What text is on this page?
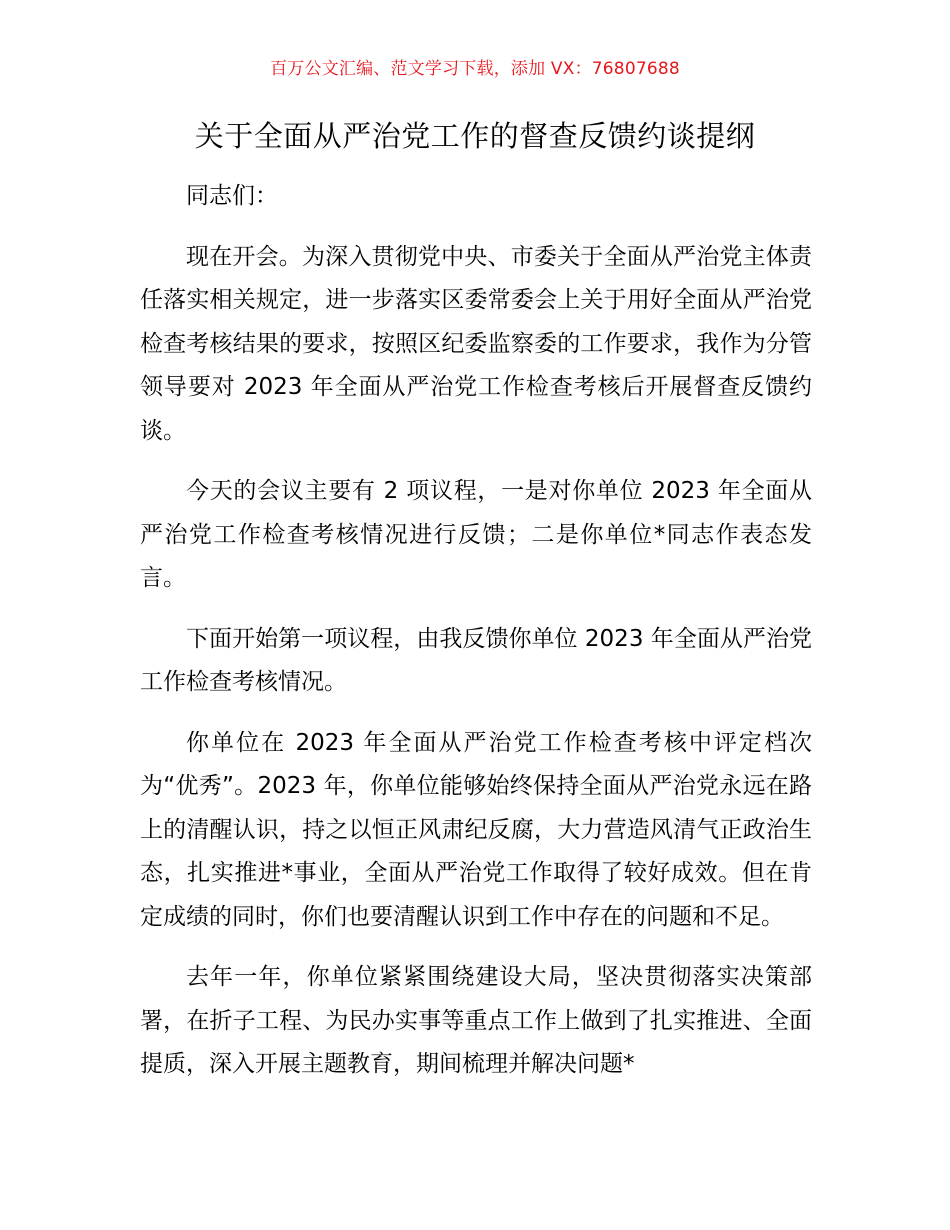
百万公文汇编、范文学习下载，添加 VX：76807688
关于全面从严治党工作的督查反馈约谈提纲

同志们：

现在开会。为深入贯彻党中央、市委关于全面从严治党主体责任落实相关规定，进一步落实区委常委会上关于用好全面从严治党检查考核结果的要求，按照区纪委监察委的工作要求，我作为分管领导要对 2023 年全面从严治党工作检查考核后开展督查反馈约谈。

今天的会议主要有 2 项议程，一是对你单位 2023 年全面从严治党工作检查考核情况进行反馈；二是你单位*同志作表态发言。

下面开始第一项议程，由我反馈你单位 2023 年全面从严治党工作检查考核情况。

你单位在 2023 年全面从严治党工作检查考核中评定档次为“优秀”。2023 年，你单位能够始终保持全面从严治党永远在路上的清醒认识，持之以恒正风肃纪反腐，大力营造风清气正政治生态，扎实推进*事业，全面从严治党工作取得了较好成效。但在肯定成绩的同时，你们也要清醒认识到工作中存在的问题和不足。

去年一年，你单位紧紧围绕建设大局，坚决贯彻落实决策部署，在折子工程、为民办实事等重点工作上做到了扎实推进、全面提质，深入开展主题教育，期间梳理并解决问题*
